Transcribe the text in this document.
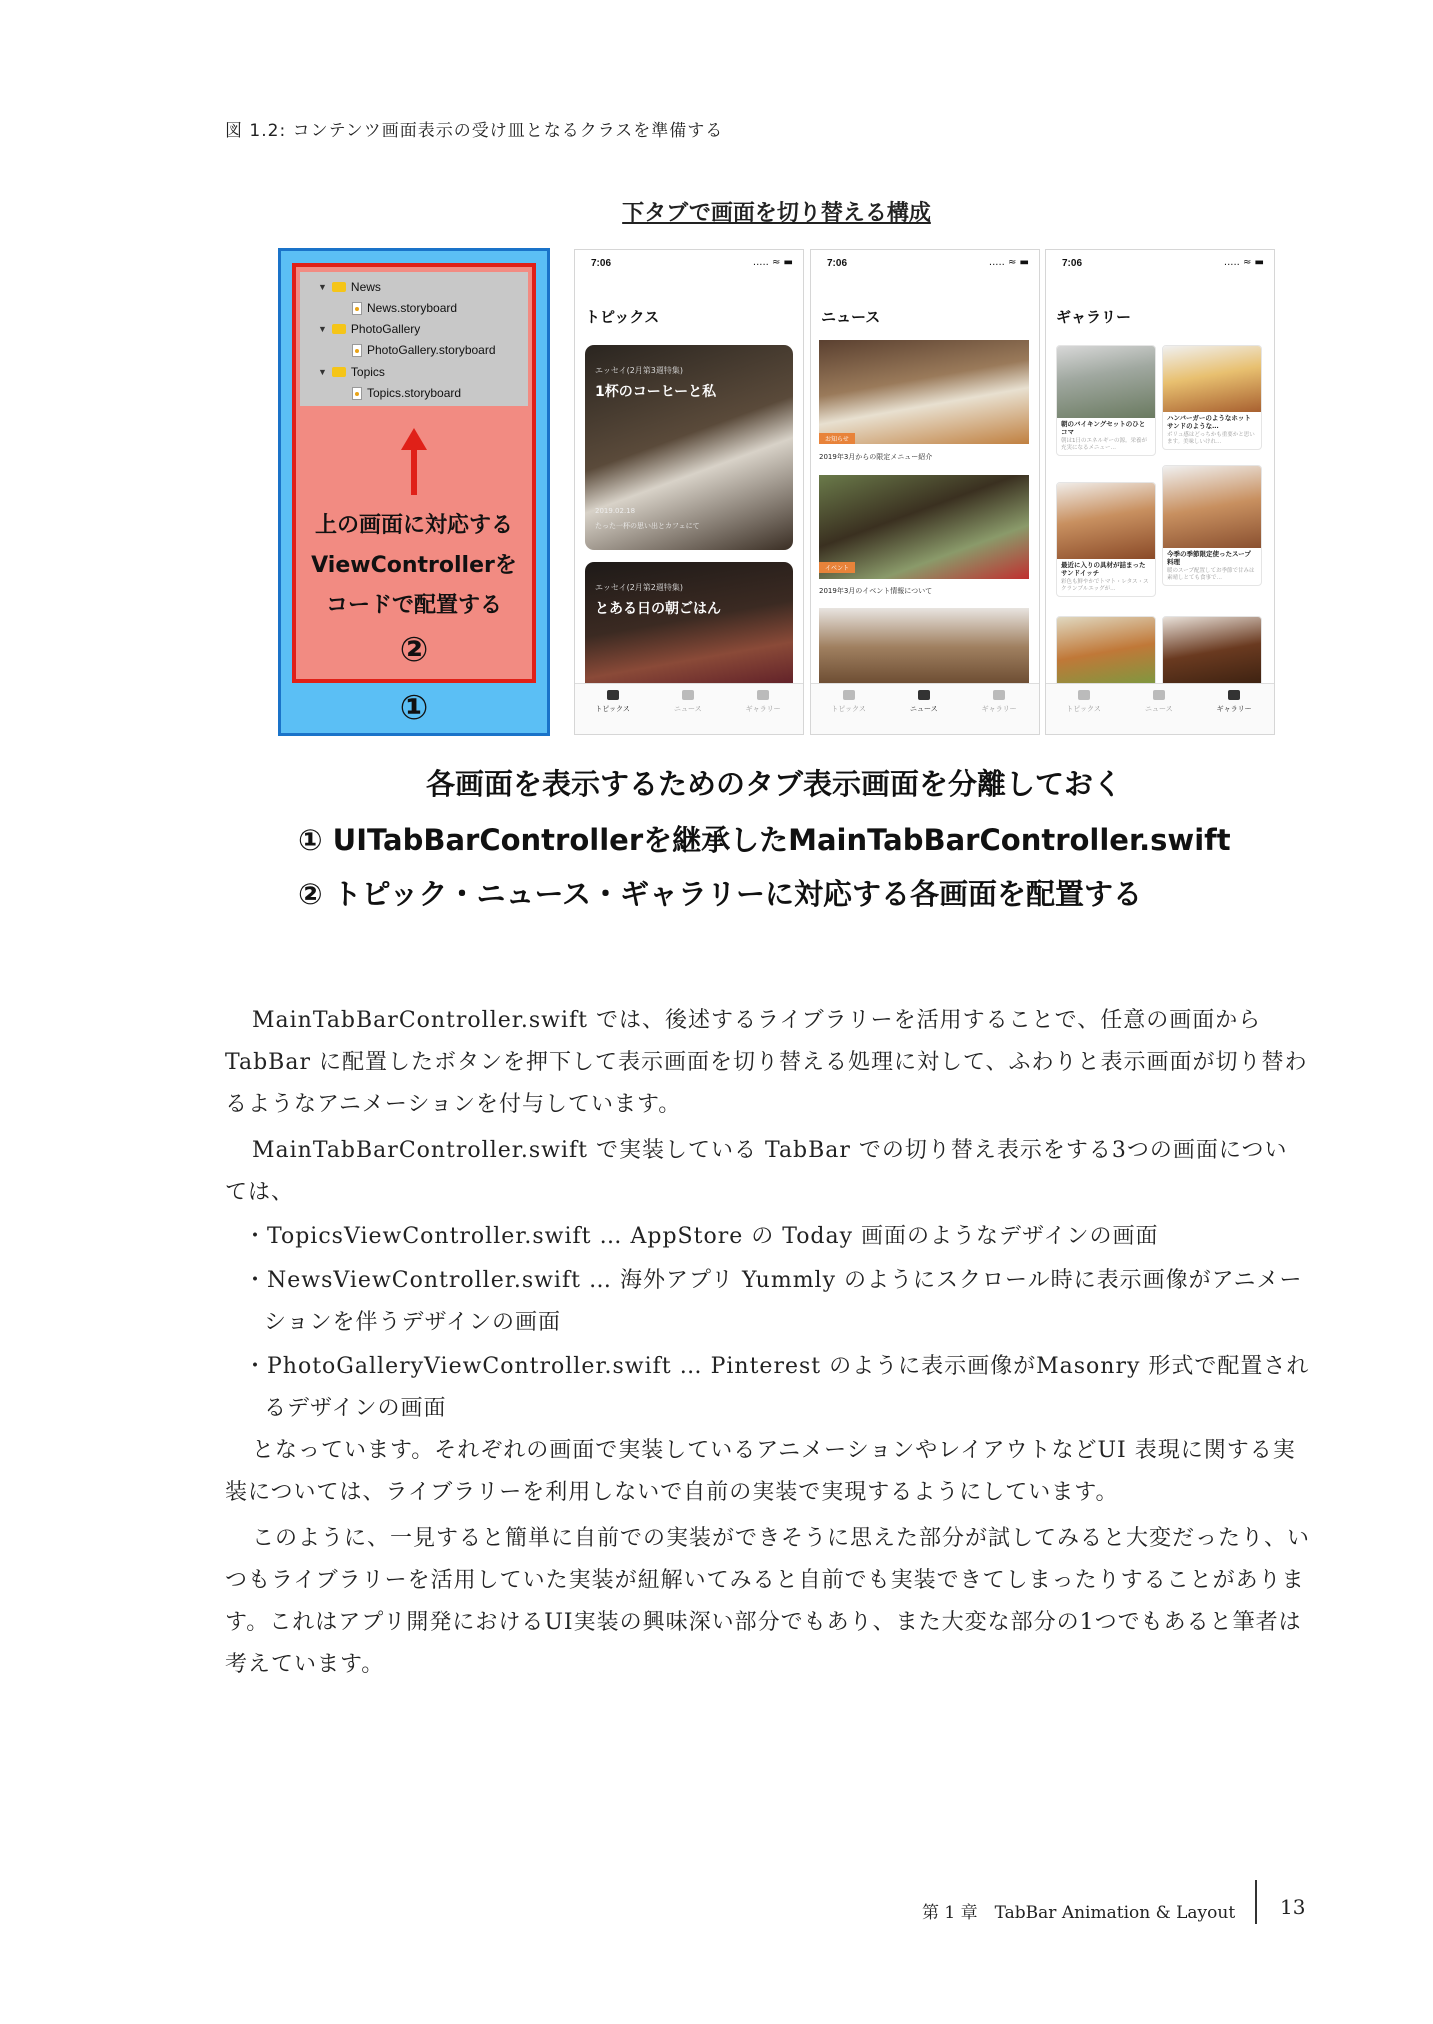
図 1.2: コンテンツ画面表示の受け皿となるクラスを準備する
下タブで画面を切り替える構成
▼ News
News.storyboard
▼ PhotoGallery
PhotoGallery.storyboard
▼ Topics
Topics.storyboard
上の画面に対応する
ViewControllerを
コードで配置する
②
①
7:06	..... ≈ ▬
トピックス
エッセイ(2月第3週特集)
1杯のコーヒーと私
2019.02.18
たった一杯の思い出とカフェにて
エッセイ(2月第2週特集)
とある日の朝ごはん
トピックス	ニュース	ギャラリー
7:06	..... ≈ ▬
ニュース
お知らせ
2019年3月からの限定メニュー紹介
イベント
2019年3月のイベント情報について
トピックス	ニュース	ギャラリー
7:06	..... ≈ ▬
ギャラリー
朝のバイキングセットのひとコマ
朝は1日のエネルギーの源。栄養が充実になるメニュー…
ハンバーガーのようなホットサンドのような…
ボリュ感はどっちかも重要かと思います。美味しいけれ…
最近に入りの具材が詰まったサンドイッチ
彩色も鮮やかでトマト・レタス・スクランブルエッグが…
今季の季節限定使ったスープ料理
暖のスープ配置してお季節で甘みは素晴しとても食事で…
トピックス	ニュース	ギャラリー
各画面を表示するためのタブ表示画面を分離しておく
① UITabBarControllerを継承したMainTabBarController.swift
② トピック・ニュース・ギャラリーに対応する各画面を配置する
MainTabBarController.swift では、後述するライブラリーを活用することで、任意の画面からTabBar に配置したボタンを押下して表示画面を切り替える処理に対して、ふわりと表示画面が切り替わるようなアニメーションを付与しています。
MainTabBarController.swift で実装している TabBar での切り替え表示をする3つの画面については、
・TopicsViewController.swift … AppStore の Today 画面のようなデザインの画面
・NewsViewController.swift … 海外アプリ Yummly のようにスクロール時に表示画像がアニメーションを伴うデザインの画面
・PhotoGalleryViewController.swift … Pinterest のように表示画像がMasonry 形式で配置されるデザインの画面
となっています。それぞれの画面で実装しているアニメーションやレイアウトなどUI 表現に関する実装については、ライブラリーを利用しないで自前の実装で実現するようにしています。
このように、一見すると簡単に自前での実装ができそうに思えた部分が試してみると大変だったり、いつもライブラリーを活用していた実装が紐解いてみると自前でも実装できてしまったりすることがあります。これはアプリ開発におけるUI実装の興味深い部分でもあり、また大変な部分の1つでもあると筆者は考えています。
第 1 章　TabBar Animation & Layout 13
